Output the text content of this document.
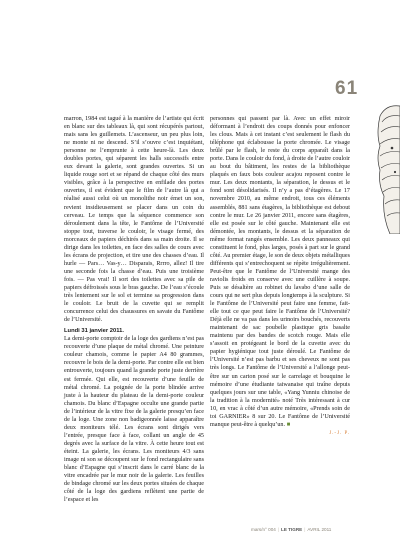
61

marron, 1984 est tagué à la manière de l’artiste qui écrit en blanc sur des tableaux là, qui sont récupérés partout, mais sans les guillemets. L’ascenseur, un peu plus loin, ne monte ni ne descend. S’il s’ouvre c’est inquiétant, personne ne l’emprunte à cette heure-là. Les deux doubles portes, qui séparent les halls successifs entre eux devant la galerie, sont grandes ouvertes. Si un liquide rouge sort et se répand de chaque côté des murs visibles, grâce à la perspective en enfilade des portes ouvertes, il est évident que le film de l’autre là qui a réalisé aussi celui où un monolithe noir émet un son, revient insidieusement se placer dans un coin du cerveau. Le temps que la séquence commence son déroulement dans la tête, le Fantôme de l’Université stoppe tout, traverse le couloir, le visage fermé, des morceaux de papiers déchirés dans sa main droite. Il se dirige dans les toilettes, en face des salles de cours avec les écrans de projection, et tire une des chasses d’eau. Il hurle — Pars… Vas-y… Disparais, Rrrro, allez! Il tire une seconde fois la chasse d’eau. Puis une troisième fois. — Pas vrai! Il sort des toilettes avec sa pile de papiers défroissés sous le bras gauche. De l’eau s’écoule très lentement sur le sol et termine sa progression dans le couloir. Le bruit de la cuvette qui se remplit concurrence celui des chaussures en savate du Fantôme de l’Université.

Lundi 31 janvier 2011.

La demi-porte comptoir de la loge des gardiens n’est pas recouverte d’une plaque de métal chromé. Une peinture couleur chamois, comme le papier A4 80 grammes, recouvre le bois de la demi-porte. Par contre elle est bien entrouverte, toujours quand la grande porte juste derrière est fermée. Qui elle, est recouverte d’une feuille de métal chromé. La poignée de la porte blindée arrive juste à la hauteur du plateau de la demi-porte couleur chamois. Du blanc d’Espagne occulte une grande partie de l’intérieur de la vitre fixe de la galerie presqu’en face de la loge. Une zone non badigeonnée laisse apparaître deux moniteurs télé. Les écrans sont dirigés vers l’entrée, presque face à face, collant un angle de 45 degrés avec la surface de la vitre. À cette heure tout est éteint. La galerie, les écrans. Les moniteurs 4/3 sans image ni son se découpent sur le fond rectangulaire sans blanc d’Espagne qui s’inscrit dans le carré blanc de la vitre encadrée par le mur noir de la galerie. Les feuilles de bindage chromé sur les deux portes situées de chaque côté de la loge des gardiens reflètent une partie de l’espace et les

personnes qui passent par là. Avec un effet miroir déformant à l’endroit des coups donnés pour enfoncer les clous. Mais à cet instant c’est seulement le flash du téléphone qui éclabousse la porte chromée. Le visage brûlé par le flash, le reste du corps apparaît dans la porte. Dans le couloir du fond, à droite de l’autre couloir au bout du bâtiment, les restes de la bibliothèque plaqués en faux bois couleur acajou reposent contre le mur. Les deux montants, la séparation, le dessus et le fond sont désolidarisés. Il n’y a pas d’étagères. Le 17 novembre 2010, au même endroit, tous ces éléments assemblés, 881 sans étagères, la bibliothèque est debout contre le mur. Le 26 janvier 2011, encore sans étagères, elle est posée sur le côté gauche. Maintenant elle est démontée, les montants, le dessus et la séparation de même format rangés ensemble. Les deux panneaux qui constituent le fond, plus larges, posés à part sur le grand côté. Au premier étage, le son de deux objets métalliques différents qui s’entrechoquent se répète irrégulièrement. Peut-être que le Fantôme de l’Université mange des raviolis froids en conserve avec une cuillère à soupe. Puis se désaltère au robinet du lavabo d’une salle de cours qui ne sert plus depuis longtemps à la sculpture. Si le Fantôme de l’Université peut faire une femme, fait-elle tout ce que peut faire le Fantôme de l’Université? Déjà elle ne va pas dans les urinoirs bouchés, recouverts maintenant de sac poubelle plastique gris basalte maintenu par des bandes de scotch rouge. Mais elle s’assoit en protégeant le bord de la cuvette avec du papier hygiénique tout juste déroulé. Le Fantôme de l’Université n’est pas barbu et ses cheveux ne sont pas très longs. Le Fantôme de l’Université a l’allonge peut-être sur un carton posé sur le carrelage et bouquine le mémoire d’une étudiante taiwanaise qui traîne depuis quelques jours sur une table, «Yang Yunniu chinoise de la tradition à la modernité» noté Très intéressant à cur 10, en vrac à côté d’un autre mémoire, «Prends soin de toi GARNIER» 8 sur 20. Le Fantôme de l’Université manque peut-être à quelqu’un. ■

J.-J. P.
mars/n° 004 | LE TIGRE | AVRIL 2011
